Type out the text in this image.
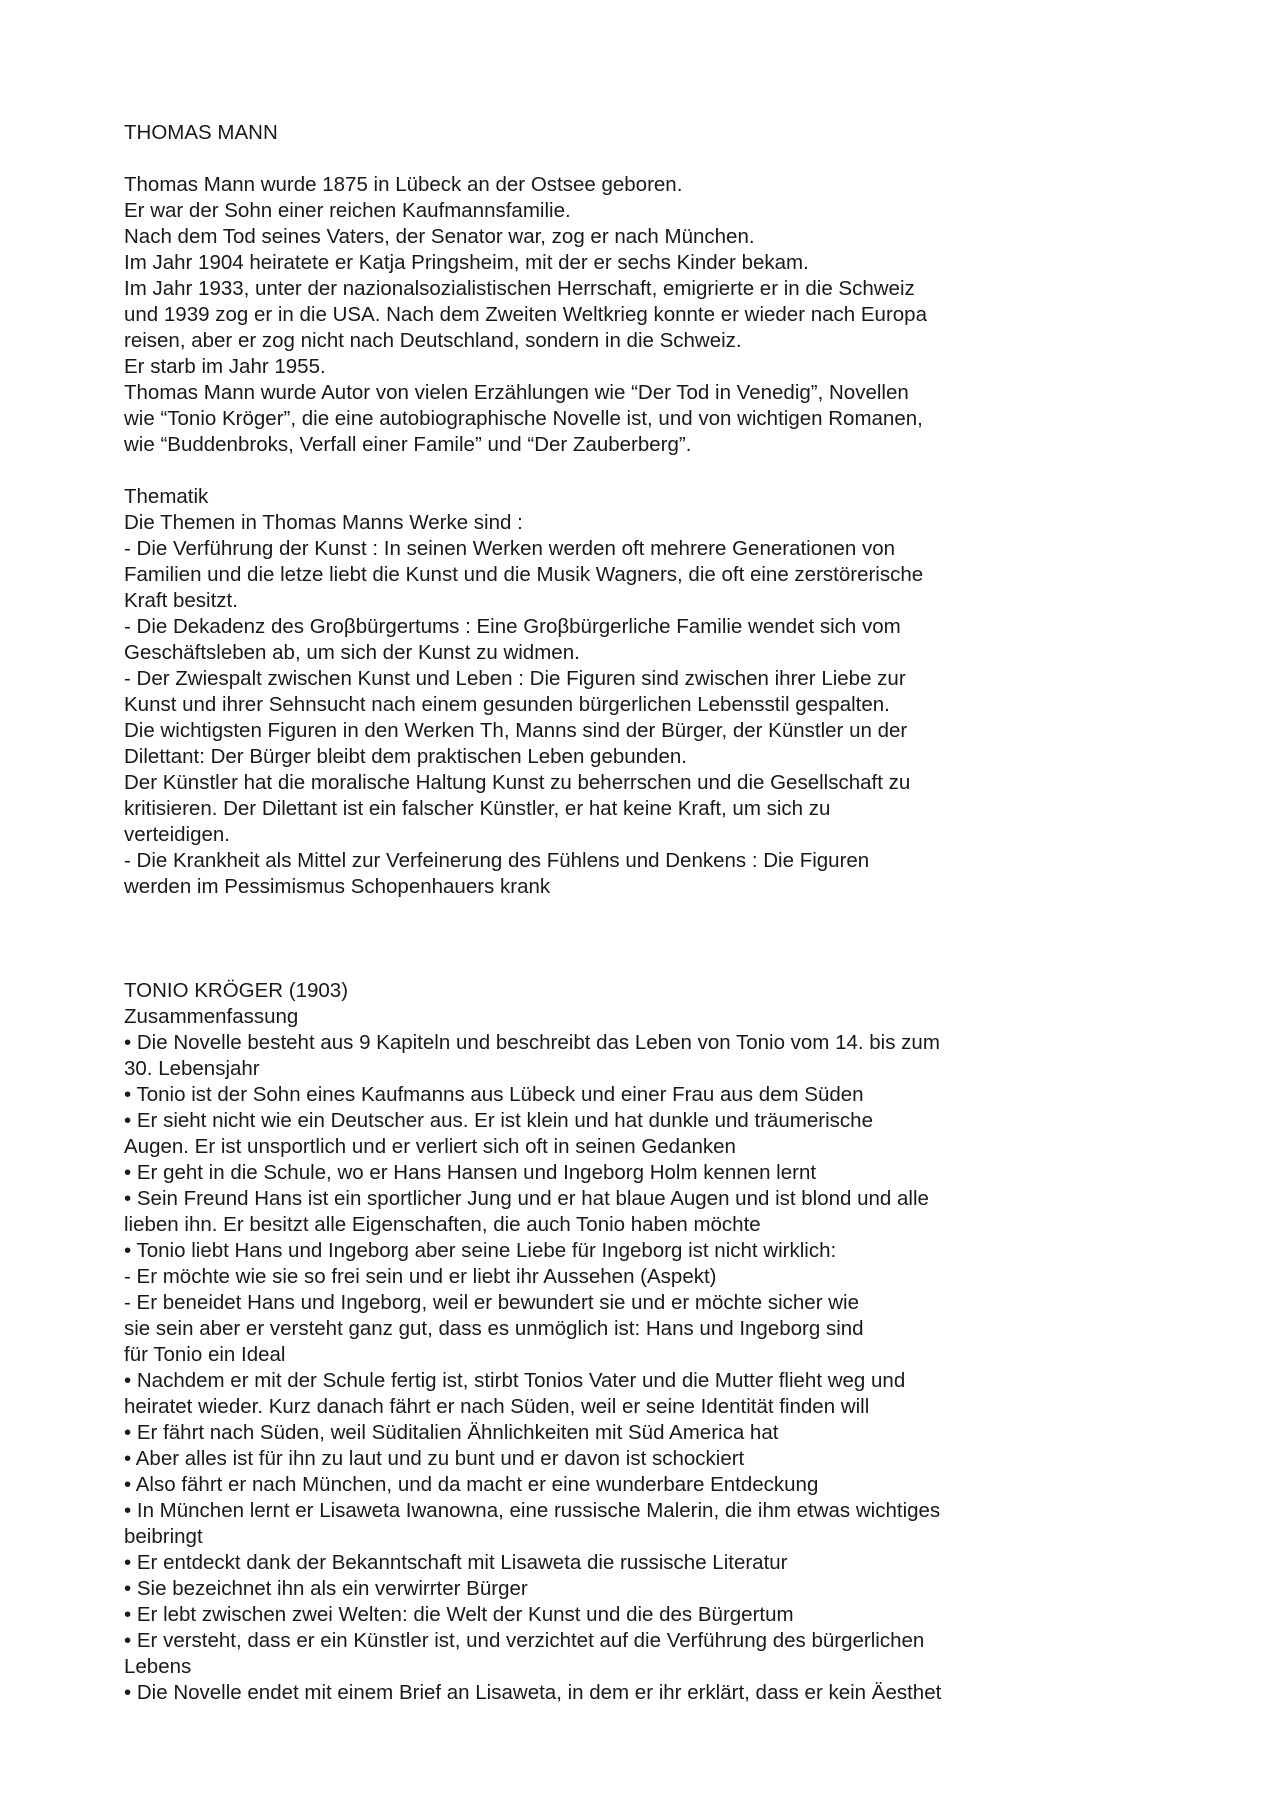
THOMAS MANN
Thomas Mann wurde 1875 in Lübeck an der Ostsee geboren.
Er war der Sohn einer reichen Kaufmannsfamilie.
Nach dem Tod seines Vaters, der Senator war, zog er nach München.
Im Jahr 1904 heiratete er Katja Pringsheim, mit der er sechs Kinder bekam.
Im Jahr 1933, unter der nazionalsozialistischen Herrschaft, emigrierte er in die Schweiz
und 1939 zog er in die USA. Nach dem Zweiten Weltkrieg konnte er wieder nach Europa
reisen, aber er zog nicht nach Deutschland, sondern in die Schweiz.
Er starb im Jahr 1955.
Thomas Mann wurde Autor von vielen Erzählungen wie “Der Tod in Venedig”, Novellen
wie “Tonio Kröger”, die eine autobiographische Novelle ist, und von wichtigen Romanen,
wie “Buddenbroks, Verfall einer Famile” und “Der Zauberberg”.
Thematik
Die Themen in Thomas Manns Werke sind :
- Die Verführung der Kunst : In seinen Werken werden oft mehrere Generationen von
Familien und die letze liebt die Kunst und die Musik Wagners, die oft eine zerstörerische
Kraft besitzt.
- Die Dekadenz des Groβbürgertums : Eine Groβbürgerliche Familie wendet sich vom
Geschäftsleben ab, um sich der Kunst zu widmen.
- Der Zwiespalt zwischen Kunst und Leben : Die Figuren sind zwischen ihrer Liebe zur
Kunst und ihrer Sehnsucht nach einem gesunden bürgerlichen Lebensstil gespalten.
Die wichtigsten Figuren in den Werken Th, Manns sind der Bürger, der Künstler un der
Dilettant: Der Bürger bleibt dem praktischen Leben gebunden.
Der Künstler hat die moralische Haltung Kunst zu beherrschen und die Gesellschaft zu
kritisieren. Der Dilettant ist ein falscher Künstler, er hat keine Kraft, um sich zu
verteidigen.
- Die Krankheit als Mittel zur Verfeinerung des Fühlens und Denkens : Die Figuren
werden im Pessimismus Schopenhauers krank
TONIO KRÖGER (1903)
Zusammenfassung
• Die Novelle besteht aus 9 Kapiteln und beschreibt das Leben von Tonio vom 14. bis zum
30. Lebensjahr
• Tonio ist der Sohn eines Kaufmanns aus Lübeck und einer Frau aus dem Süden
• Er sieht nicht wie ein Deutscher aus. Er ist klein und hat dunkle und träumerische
Augen. Er ist unsportlich und er verliert sich oft in seinen Gedanken
• Er geht in die Schule, wo er Hans Hansen und Ingeborg Holm kennen lernt
• Sein Freund Hans ist ein sportlicher Jung und er hat blaue Augen und ist blond und alle
lieben ihn. Er besitzt alle Eigenschaften, die auch Tonio haben möchte
• Tonio liebt Hans und Ingeborg aber seine Liebe für Ingeborg ist nicht wirklich:
- Er möchte wie sie so frei sein und er liebt ihr Aussehen (Aspekt)
- Er beneidet Hans und Ingeborg, weil er bewundert sie und er möchte sicher wie
sie sein aber er versteht ganz gut, dass es unmöglich ist: Hans und Ingeborg sind
für Tonio ein Ideal
• Nachdem er mit der Schule fertig ist, stirbt Tonios Vater und die Mutter flieht weg und
heiratet wieder. Kurz danach fährt er nach Süden, weil er seine Identität finden will
• Er fährt nach Süden, weil Süditalien Ähnlichkeiten mit Süd America hat
• Aber alles ist für ihn zu laut und zu bunt und er davon ist schockiert
• Also fährt er nach München, und da macht er eine wunderbare Entdeckung
• In München lernt er Lisaweta Iwanowna, eine russische Malerin, die ihm etwas wichtiges
beibringt
• Er entdeckt dank der Bekanntschaft mit Lisaweta die russische Literatur
• Sie bezeichnet ihn als ein verwirrter Bürger
• Er lebt zwischen zwei Welten: die Welt der Kunst und die des Bürgertum
• Er versteht, dass er ein Künstler ist, und verzichtet auf die Verführung des bürgerlichen
Lebens
• Die Novelle endet mit einem Brief an Lisaweta, in dem er ihr erklärt, dass er kein Äesthet
